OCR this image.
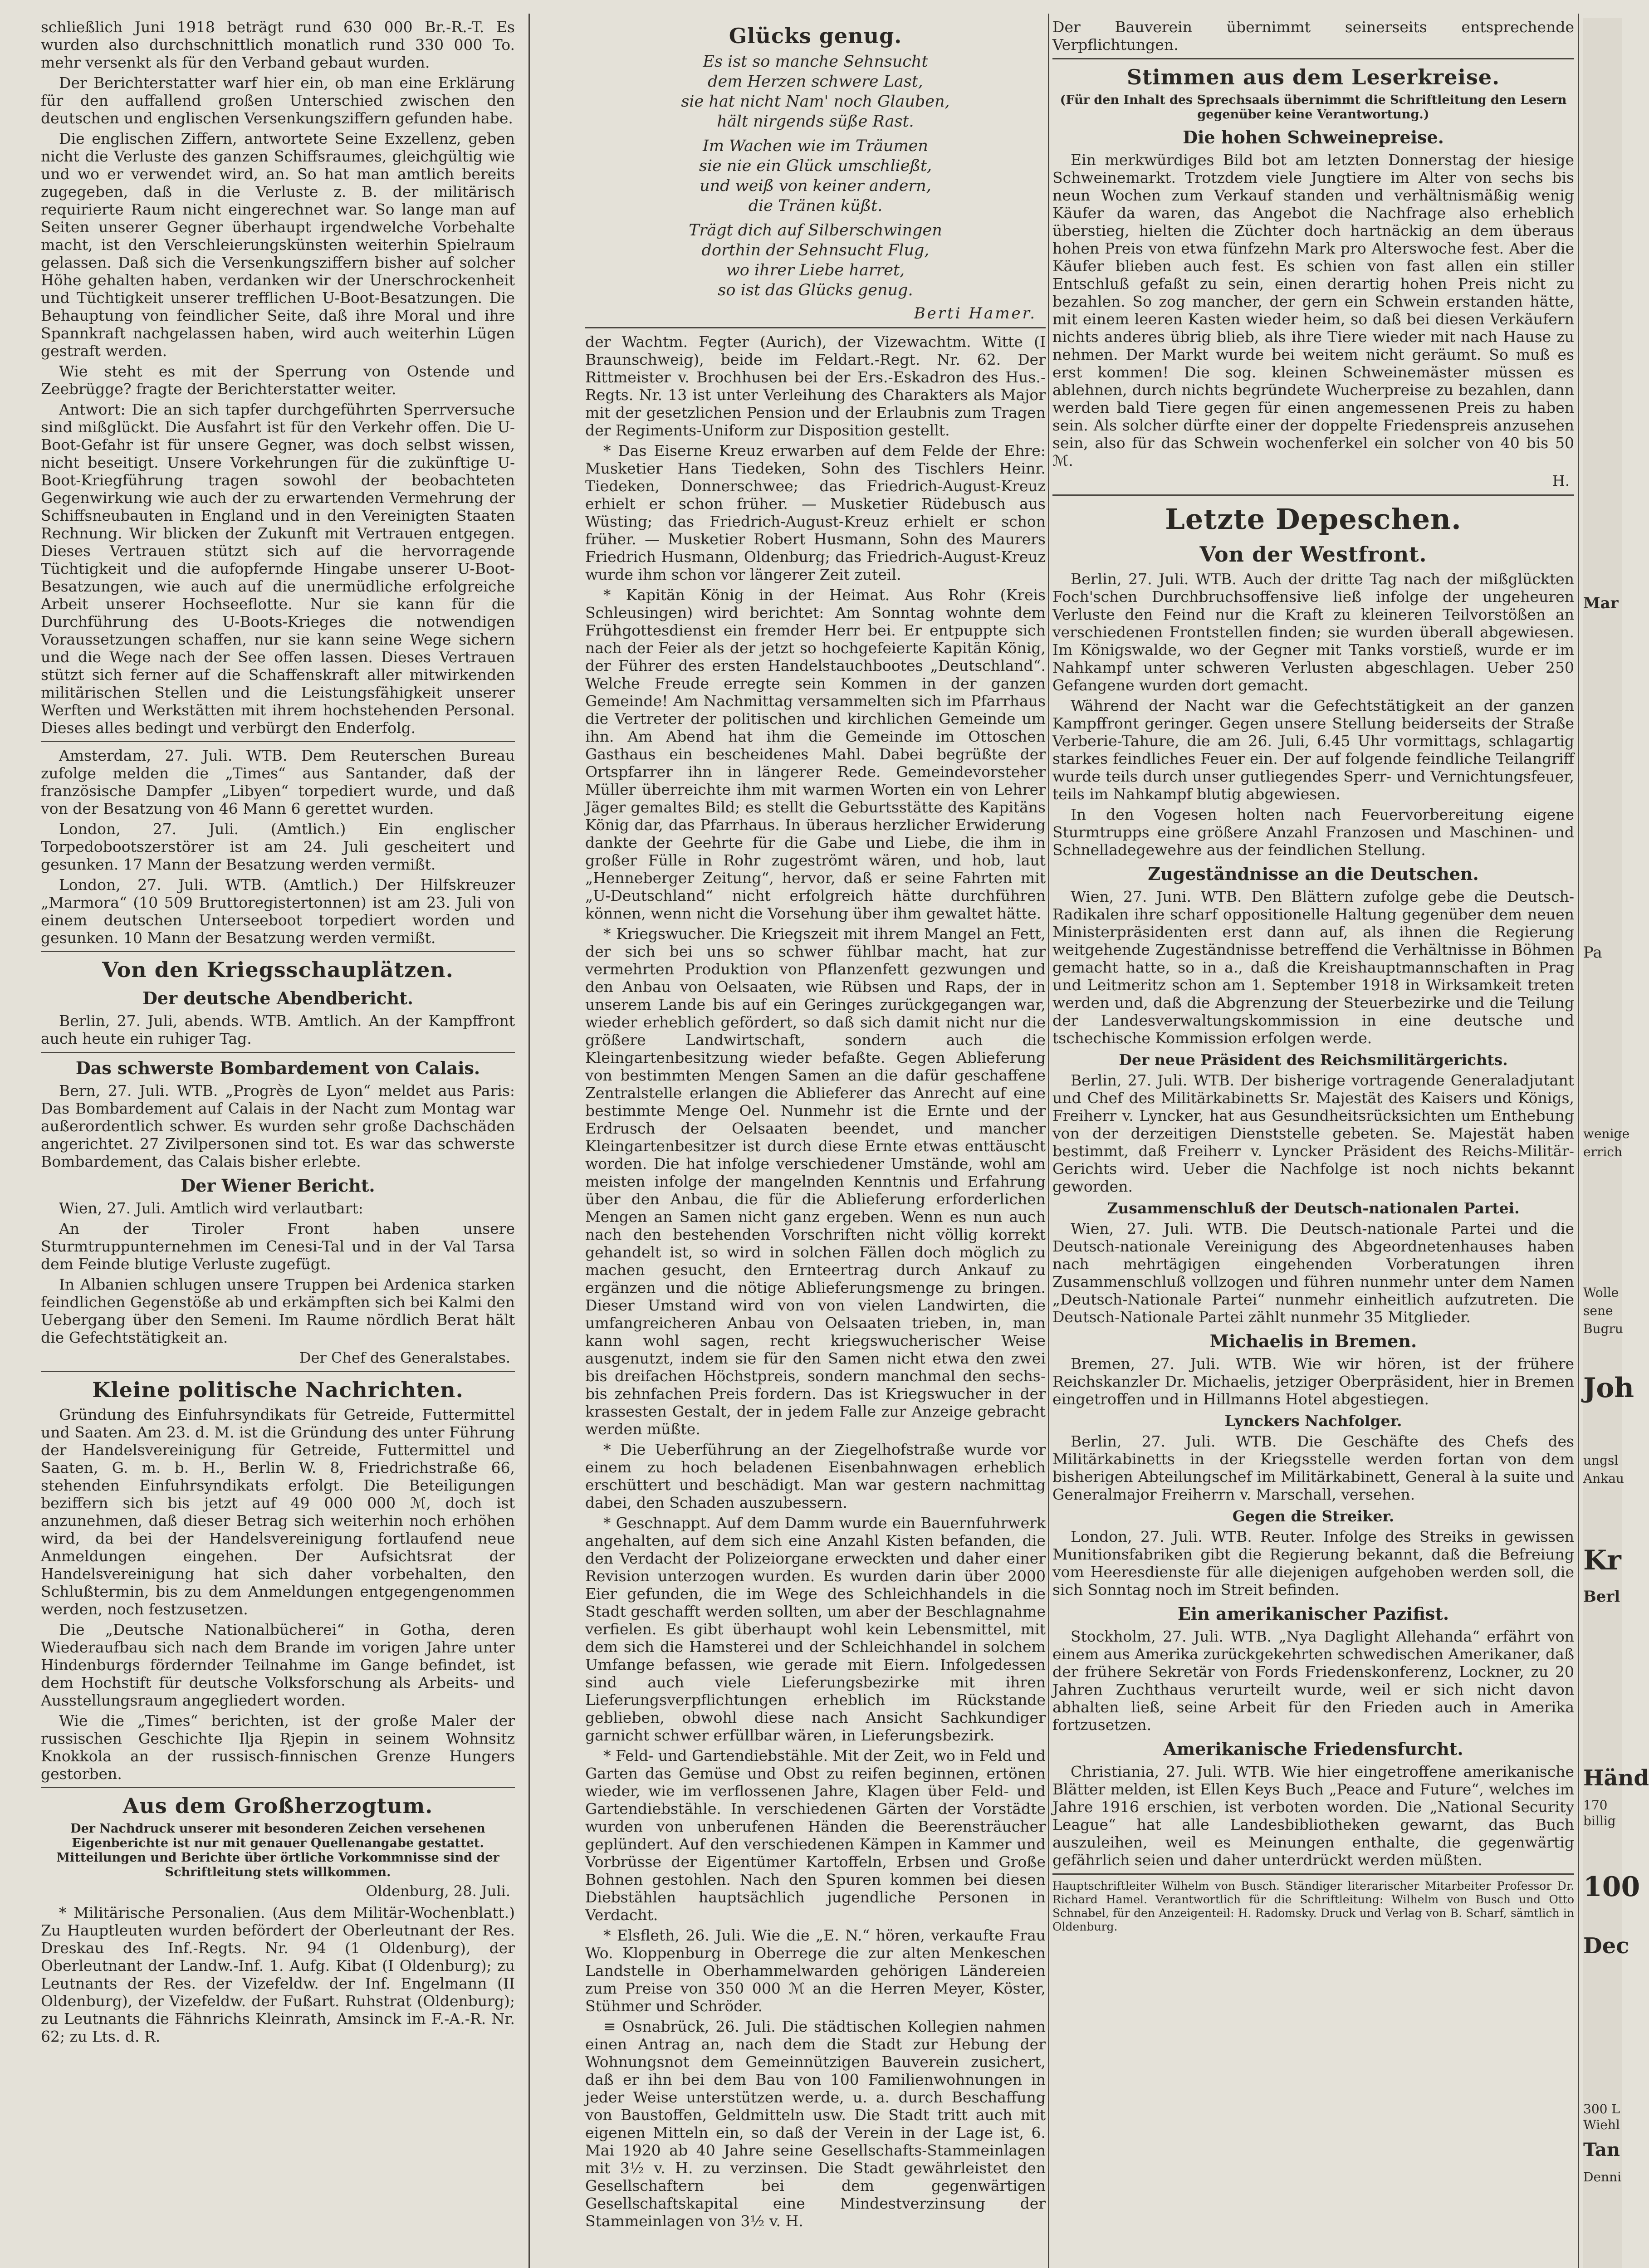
schließlich Juni 1918 beträgt rund 630 000 Br.-R.-T. Es wurden also durchschnittlich monatlich rund 330 000 To. mehr versenkt als für den Verband gebaut wurden.

Der Berichterstatter warf hier ein, ob man eine Erklärung für den auffallend großen Unterschied zwischen den deutschen und englischen Versenkungsziffern gefunden habe.

Die englischen Ziffern, antwortete Seine Exzellenz, geben nicht die Verluste des ganzen Schiffsraumes, gleichgültig wie und wo er verwendet wird, an. So hat man amtlich bereits zugegeben, daß in die Verluste z. B. der militärisch requirierte Raum nicht eingerechnet war. So lange man auf Seiten unserer Gegner überhaupt irgendwelche Vorbehalte macht, ist den Verschleierungskünsten weiterhin Spielraum gelassen. Daß sich die Versenkungsziffern bisher auf solcher Höhe gehalten haben, verdanken wir der Unerschrockenheit und Tüchtigkeit unserer trefflichen U-Boot-Besatzungen. Die Behauptung von feindlicher Seite, daß ihre Moral und ihre Spannkraft nachgelassen haben, wird auch weiterhin Lügen gestraft werden.

Wie steht es mit der Sperrung von Ostende und Zeebrügge? fragte der Berichterstatter weiter.

Antwort: Die an sich tapfer durchgeführten Sperrversuche sind mißglückt. Die Ausfahrt ist für den Verkehr offen. Die U-Boot-Gefahr ist für unsere Gegner, was doch selbst wissen, nicht beseitigt. Unsere Vorkehrungen für die zukünftige U-Boot-Kriegführung tragen sowohl der beobachteten Gegenwirkung wie auch der zu erwartenden Vermehrung der Schiffsneubauten in England und in den Vereinigten Staaten Rechnung. Wir blicken der Zukunft mit Vertrauen entgegen. Dieses Vertrauen stützt sich auf die hervorragende Tüchtigkeit und die aufopfernde Hingabe unserer U-Boot-Besatzungen, wie auch auf die unermüdliche erfolgreiche Arbeit unserer Hochseeflotte. Nur sie kann für die Durchführung des U-Boots-Krieges die notwendigen Voraussetzungen schaffen, nur sie kann seine Wege sichern und die Wege nach der See offen lassen. Dieses Vertrauen stützt sich ferner auf die Schaffenskraft aller mitwirkenden militärischen Stellen und die Leistungsfähigkeit unserer Werften und Werkstätten mit ihrem hochstehenden Personal. Dieses alles bedingt und verbürgt den Enderfolg.

Amsterdam, 27. Juli. WTB. Dem Reuterschen Bureau zufolge melden die „Times“ aus Santander, daß der französische Dampfer „Libyen“ torpediert wurde, und daß von der Besatzung von 46 Mann 6 gerettet wurden.

London, 27. Juli. (Amtlich.) Ein englischer Torpedobootszerstörer ist am 24. Juli gescheitert und gesunken. 17 Mann der Besatzung werden vermißt.

London, 27. Juli. WTB. (Amtlich.) Der Hilfskreuzer „Marmora“ (10 509 Bruttoregistertonnen) ist am 23. Juli von einem deutschen Unterseeboot torpediert worden und gesunken. 10 Mann der Besatzung werden vermißt.

Von den Kriegsschauplätzen.
Der deutsche Abendbericht.

Berlin, 27. Juli, abends. WTB. Amtlich. An der Kampffront auch heute ein ruhiger Tag.

Das schwerste Bombardement von Calais.

Bern, 27. Juli. WTB. „Progrès de Lyon“ meldet aus Paris: Das Bombardement auf Calais in der Nacht zum Montag war außerordentlich schwer. Es wurden sehr große Dachschäden angerichtet. 27 Zivilpersonen sind tot. Es war das schwerste Bombardement, das Calais bisher erlebte.

Der Wiener Bericht.

Wien, 27. Juli. Amtlich wird verlautbart:

An der Tiroler Front haben unsere Sturmtruppunternehmen im Cenesi-Tal und in der Val Tarsa dem Feinde blutige Verluste zugefügt.

In Albanien schlugen unsere Truppen bei Ardenica starken feindlichen Gegenstöße ab und erkämpften sich bei Kalmi den Uebergang über den Semeni. Im Raume nördlich Berat hält die Gefechtstätigkeit an.

Der Chef des Generalstabes.
Kleine politische Nachrichten.

Gründung des Einfuhrsyndikats für Getreide, Futtermittel und Saaten. Am 23. d. M. ist die Gründung des unter Führung der Handelsvereinigung für Getreide, Futtermittel und Saaten, G. m. b. H., Berlin W. 8, Friedrichstraße 66, stehenden Einfuhrsyndikats erfolgt. Die Beteiligungen beziffern sich bis jetzt auf 49 000 000 ℳ, doch ist anzunehmen, daß dieser Betrag sich weiterhin noch erhöhen wird, da bei der Handelsvereinigung fortlaufend neue Anmeldungen eingehen. Der Aufsichtsrat der Handelsvereinigung hat sich daher vorbehalten, den Schlußtermin, bis zu dem Anmeldungen entgegengenommen werden, noch festzusetzen.

Die „Deutsche Nationalbücherei“ in Gotha, deren Wiederaufbau sich nach dem Brande im vorigen Jahre unter Hindenburgs fördernder Teilnahme im Gange befindet, ist dem Hochstift für deutsche Volksforschung als Arbeits- und Ausstellungsraum angegliedert worden.

Wie die „Times“ berichten, ist der große Maler der russischen Geschichte Ilja Rjepin in seinem Wohnsitz Knokkola an der russisch-finnischen Grenze Hungers gestorben.

Aus dem Großherzogtum.
Der Nachdruck unserer mit besonderen Zeichen versehenen Eigenberichte ist nur mit genauer Quellenangabe gestattet. Mitteilungen und Berichte über örtliche Vorkommnisse sind der Schriftleitung stets willkommen.
Oldenburg, 28. Juli.

* Militärische Personalien. (Aus dem Militär-Wochenblatt.) Zu Hauptleuten wurden befördert der Oberleutnant der Res. Dreskau des Inf.-Regts. Nr. 94 (1 Oldenburg), der Oberleutnant der Landw.-Inf. 1. Aufg. Kibat (I Oldenburg); zu Leutnants der Res. der Vizefeldw. der Inf. Engelmann (II Oldenburg), der Vizefeldw. der Fußart. Ruhstrat (Oldenburg); zu Leutnants die Fähnrichs Kleinrath, Amsinck im F.-A.-R. Nr. 62; zu Lts. d. R.

Glücks genug.
Es ist so manche Sehnsucht
dem Herzen schwere Last,
sie hat nicht Nam' noch Glauben,
hält nirgends süße Rast.
Im Wachen wie im Träumen
sie nie ein Glück umschließt,
und weiß von keiner andern,
die Tränen küßt.
Trägt dich auf Silberschwingen
dorthin der Sehnsucht Flug,
wo ihrer Liebe harret,
so ist das Glücks genug.
Berti Hamer.

der Wachtm. Fegter (Aurich), der Vizewachtm. Witte (I Braunschweig), beide im Feldart.-Regt. Nr. 62. Der Rittmeister v. Brochhusen bei der Ers.-Eskadron des Hus.-Regts. Nr. 13 ist unter Verleihung des Charakters als Major mit der gesetzlichen Pension und der Erlaubnis zum Tragen der Regiments-Uniform zur Disposition gestellt.

* Das Eiserne Kreuz erwarben auf dem Felde der Ehre: Musketier Hans Tiedeken, Sohn des Tischlers Heinr. Tiedeken, Donnerschwee; das Friedrich-August-Kreuz erhielt er schon früher. — Musketier Rüdebusch aus Wüsting; das Friedrich-August-Kreuz erhielt er schon früher. — Musketier Robert Husmann, Sohn des Maurers Friedrich Husmann, Oldenburg; das Friedrich-August-Kreuz wurde ihm schon vor längerer Zeit zuteil.

* Kapitän König in der Heimat. Aus Rohr (Kreis Schleusingen) wird berichtet: Am Sonntag wohnte dem Frühgottesdienst ein fremder Herr bei. Er entpuppte sich nach der Feier als der jetzt so hochgefeierte Kapitän König, der Führer des ersten Handelstauchbootes „Deutschland“. Welche Freude erregte sein Kommen in der ganzen Gemeinde! Am Nachmittag versammelten sich im Pfarrhaus die Vertreter der politischen und kirchlichen Gemeinde um ihn. Am Abend hat ihm die Gemeinde im Ottoschen Gasthaus ein bescheidenes Mahl. Dabei begrüßte der Ortspfarrer ihn in längerer Rede. Gemeindevorsteher Müller überreichte ihm mit warmen Worten ein von Lehrer Jäger gemaltes Bild; es stellt die Geburtsstätte des Kapitäns König dar, das Pfarrhaus. In überaus herzlicher Erwiderung dankte der Geehrte für die Gabe und Liebe, die ihm in großer Fülle in Rohr zugeströmt wären, und hob, laut „Henneberger Zeitung“, hervor, daß er seine Fahrten mit „U-Deutschland“ nicht erfolgreich hätte durchführen können, wenn nicht die Vorsehung über ihm gewaltet hätte.

* Kriegswucher. Die Kriegszeit mit ihrem Mangel an Fett, der sich bei uns so schwer fühlbar macht, hat zur vermehrten Produktion von Pflanzenfett gezwungen und den Anbau von Oelsaaten, wie Rübsen und Raps, der in unserem Lande bis auf ein Geringes zurückgegangen war, wieder erheblich gefördert, so daß sich damit nicht nur die größere Landwirtschaft, sondern auch die Kleingartenbesitzung wieder befaßte. Gegen Ablieferung von bestimmten Mengen Samen an die dafür geschaffene Zentralstelle erlangen die Ablieferer das Anrecht auf eine bestimmte Menge Oel. Nunmehr ist die Ernte und der Erdrusch der Oelsaaten beendet, und mancher Kleingartenbesitzer ist durch diese Ernte etwas enttäuscht worden. Die hat infolge verschiedener Umstände, wohl am meisten infolge der mangelnden Kenntnis und Erfahrung über den Anbau, die für die Ablieferung erforderlichen Mengen an Samen nicht ganz ergeben. Wenn es nun auch nach den bestehenden Vorschriften nicht völlig korrekt gehandelt ist, so wird in solchen Fällen doch möglich zu machen gesucht, den Ernteertrag durch Ankauf zu ergänzen und die nötige Ablieferungsmenge zu bringen. Dieser Umstand wird von von vielen Landwirten, die umfangreicheren Anbau von Oelsaaten trieben, in, man kann wohl sagen, recht kriegswucherischer Weise ausgenutzt, indem sie für den Samen nicht etwa den zwei bis dreifachen Höchstpreis, sondern manchmal den sechs- bis zehnfachen Preis fordern. Das ist Kriegswucher in der krassesten Gestalt, der in jedem Falle zur Anzeige gebracht werden müßte.

* Die Ueberführung an der Ziegelhofstraße wurde vor einem zu hoch beladenen Eisenbahnwagen erheblich erschüttert und beschädigt. Man war gestern nachmittag dabei, den Schaden auszubessern.

* Geschnappt. Auf dem Damm wurde ein Bauernfuhrwerk angehalten, auf dem sich eine Anzahl Kisten befanden, die den Verdacht der Polizeiorgane erweckten und daher einer Revision unterzogen wurden. Es wurden darin über 2000 Eier gefunden, die im Wege des Schleichhandels in die Stadt geschafft werden sollten, um aber der Beschlagnahme verfielen. Es gibt überhaupt wohl kein Lebensmittel, mit dem sich die Hamsterei und der Schleichhandel in solchem Umfange befassen, wie gerade mit Eiern. Infolgedessen sind auch viele Lieferungsbezirke mit ihren Lieferungsverpflichtungen erheblich im Rückstande geblieben, obwohl diese nach Ansicht Sachkundiger garnicht schwer erfüllbar wären, in Lieferungsbezirk.

* Feld- und Gartendiebstähle. Mit der Zeit, wo in Feld und Garten das Gemüse und Obst zu reifen beginnen, ertönen wieder, wie im verflossenen Jahre, Klagen über Feld- und Gartendiebstähle. In verschiedenen Gärten der Vorstädte wurden von unberufenen Händen die Beerensträucher geplündert. Auf den verschiedenen Kämpen in Kammer und Vorbrüsse der Eigentümer Kartoffeln, Erbsen und Große Bohnen gestohlen. Nach den Spuren kommen bei diesen Diebstählen hauptsächlich jugendliche Personen in Verdacht.

* Elsfleth, 26. Juli. Wie die „E. N.“ hören, verkaufte Frau Wo. Kloppenburg in Oberrege die zur alten Menkeschen Landstelle in Oberhammelwarden gehörigen Ländereien zum Preise von 350 000 ℳ an die Herren Meyer, Köster, Stühmer und Schröder.

≡ Osnabrück, 26. Juli. Die städtischen Kollegien nahmen einen Antrag an, nach dem die Stadt zur Hebung der Wohnungsnot dem Gemeinnützigen Bauverein zusichert, daß er ihn bei dem Bau von 100 Familienwohnungen in jeder Weise unterstützen werde, u. a. durch Beschaffung von Baustoffen, Geldmitteln usw. Die Stadt tritt auch mit eigenen Mitteln ein, so daß der Verein in der Lage ist, 6. Mai 1920 ab 40 Jahre seine Gesellschafts-Stammeinlagen mit 3½ v. H. zu verzinsen. Die Stadt gewährleistet den Gesellschaftern bei dem gegenwärtigen Gesellschaftskapital eine Mindestverzinsung der Stammeinlagen von 3½ v. H.

Der Bauverein übernimmt seinerseits entsprechende Verpflichtungen.

Stimmen aus dem Leserkreise.
(Für den Inhalt des Sprechsaals übernimmt die Schriftleitung den Lesern gegenüber keine Verantwortung.)
Die hohen Schweinepreise.

Ein merkwürdiges Bild bot am letzten Donnerstag der hiesige Schweinemarkt. Trotzdem viele Jungtiere im Alter von sechs bis neun Wochen zum Verkauf standen und verhältnismäßig wenig Käufer da waren, das Angebot die Nachfrage also erheblich überstieg, hielten die Züchter doch hartnäckig an dem überaus hohen Preis von etwa fünfzehn Mark pro Alterswoche fest. Aber die Käufer blieben auch fest. Es schien von fast allen ein stiller Entschluß gefaßt zu sein, einen derartig hohen Preis nicht zu bezahlen. So zog mancher, der gern ein Schwein erstanden hätte, mit einem leeren Kasten wieder heim, so daß bei diesen Verkäufern nichts anderes übrig blieb, als ihre Tiere wieder mit nach Hause zu nehmen. Der Markt wurde bei weitem nicht geräumt. So muß es erst kommen! Die sog. kleinen Schweinemäster müssen es ablehnen, durch nichts begründete Wucherpreise zu bezahlen, dann werden bald Tiere gegen für einen angemessenen Preis zu haben sein. Als solcher dürfte einer der doppelte Friedenspreis anzusehen sein, also für das Schwein wochenferkel ein solcher von 40 bis 50 ℳ.

H.
Letzte Depeschen.
Von der Westfront.

Berlin, 27. Juli. WTB. Auch der dritte Tag nach der mißglückten Foch'schen Durchbruchsoffensive ließ infolge der ungeheuren Verluste den Feind nur die Kraft zu kleineren Teilvorstößen an verschiedenen Frontstellen finden; sie wurden überall abgewiesen. Im Königswalde, wo der Gegner mit Tanks vorstieß, wurde er im Nahkampf unter schweren Verlusten abgeschlagen. Ueber 250 Gefangene wurden dort gemacht.

Während der Nacht war die Gefechtstätigkeit an der ganzen Kampffront geringer. Gegen unsere Stellung beiderseits der Straße Verberie-Tahure, die am 26. Juli, 6.45 Uhr vormittags, schlagartig starkes feindliches Feuer ein. Der auf folgende feindliche Teilangriff wurde teils durch unser gutliegendes Sperr- und Vernichtungsfeuer, teils im Nahkampf blutig abgewiesen.

In den Vogesen holten nach Feuervorbereitung eigene Sturmtrupps eine größere Anzahl Franzosen und Maschinen- und Schnelladegewehre aus der feindlichen Stellung.

Zugeständnisse an die Deutschen.

Wien, 27. Juni. WTB. Den Blättern zufolge gebe die Deutsch-Radikalen ihre scharf oppositionelle Haltung gegenüber dem neuen Ministerpräsidenten erst dann auf, als ihnen die Regierung weitgehende Zugeständnisse betreffend die Verhältnisse in Böhmen gemacht hatte, so in a., daß die Kreishauptmannschaften in Prag und Leitmeritz schon am 1. September 1918 in Wirksamkeit treten werden und, daß die Abgrenzung der Steuerbezirke und die Teilung der Landesverwaltungskommission in eine deutsche und tschechische Kommission erfolgen werde.

Der neue Präsident des Reichsmilitärgerichts.

Berlin, 27. Juli. WTB. Der bisherige vortragende Generaladjutant und Chef des Militärkabinetts Sr. Majestät des Kaisers und Königs, Freiherr v. Lyncker, hat aus Gesundheitsrücksichten um Enthebung von der derzeitigen Dienststelle gebeten. Se. Majestät haben bestimmt, daß Freiherr v. Lyncker Präsident des Reichs-Militär-Gerichts wird. Ueber die Nachfolge ist noch nichts bekannt geworden.

Zusammenschluß der Deutsch-nationalen Partei.

Wien, 27. Juli. WTB. Die Deutsch-nationale Partei und die Deutsch-nationale Vereinigung des Abgeordnetenhauses haben nach mehrtägigen eingehenden Vorberatungen ihren Zusammenschluß vollzogen und führen nunmehr unter dem Namen „Deutsch-Nationale Partei“ nunmehr einheitlich aufzutreten. Die Deutsch-Nationale Partei zählt nunmehr 35 Mitglieder.

Michaelis in Bremen.

Bremen, 27. Juli. WTB. Wie wir hören, ist der frühere Reichskanzler Dr. Michaelis, jetziger Oberpräsident, hier in Bremen eingetroffen und in Hillmanns Hotel abgestiegen.

Lynckers Nachfolger.

Berlin, 27. Juli. WTB. Die Geschäfte des Chefs des Militärkabinetts in der Kriegsstelle werden fortan von dem bisherigen Abteilungschef im Militärkabinett, General à la suite und Generalmajor Freiherrn v. Marschall, versehen.

Gegen die Streiker.

London, 27. Juli. WTB. Reuter. Infolge des Streiks in gewissen Munitionsfabriken gibt die Regierung bekannt, daß die Befreiung vom Heeresdienste für alle diejenigen aufgehoben werden soll, die sich Sonntag noch im Streit befinden.

Ein amerikanischer Pazifist.

Stockholm, 27. Juli. WTB. „Nya Daglight Allehanda“ erfährt von einem aus Amerika zurückgekehrten schwedischen Amerikaner, daß der frühere Sekretär von Fords Friedenskonferenz, Lockner, zu 20 Jahren Zuchthaus verurteilt wurde, weil er sich nicht davon abhalten ließ, seine Arbeit für den Frieden auch in Amerika fortzusetzen.

Amerikanische Friedensfurcht.

Christiania, 27. Juli. WTB. Wie hier eingetroffene amerikanische Blätter melden, ist Ellen Keys Buch „Peace and Future“, welches im Jahre 1916 erschien, ist verboten worden. Die „National Security League“ hat alle Landesbibliotheken gewarnt, das Buch auszuleihen, weil es Meinungen enthalte, die gegenwärtig gefährlich seien und daher unterdrückt werden müßten.

Hauptschriftleiter Wilhelm von Busch. Ständiger literarischer Mitarbeiter Professor Dr. Richard Hamel. Verantwortlich für die Schriftleitung: Wilhelm von Busch und Otto Schnabel, für den Anzeigenteil: H. Radomsky. Druck und Verlag von B. Scharf, sämtlich in Oldenburg.
Mar
Pa
wenige
errich
Wolle
sene
Bugru
Joh
ungsl
Ankau
Kr
Berl
Händ
170
billig
100
Dec
300 L
Wiehl
Tan
Denni
